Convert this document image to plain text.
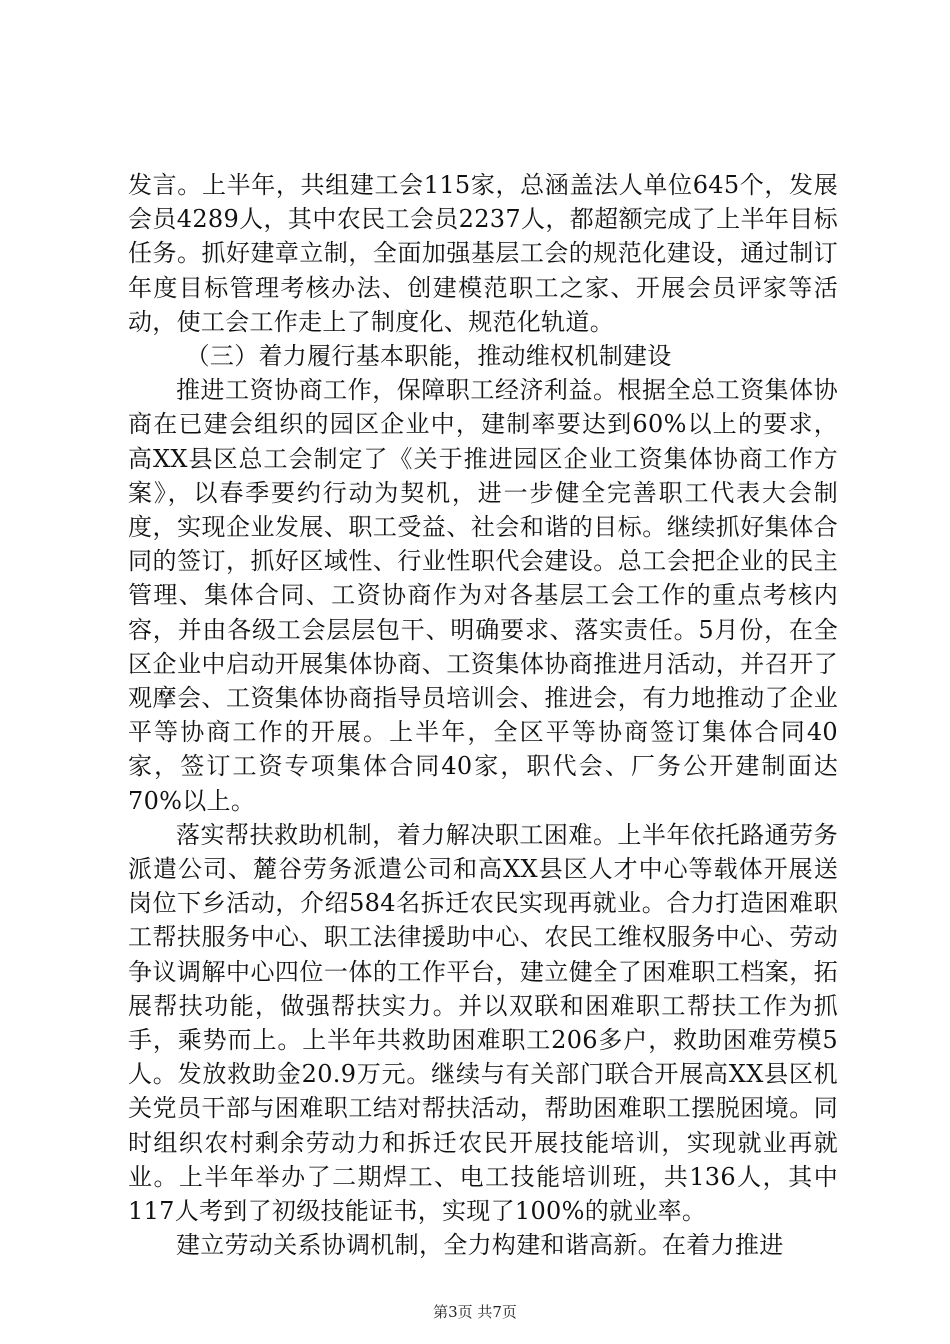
发言。上半年，共组建工会115家，总涵盖法人单位645个，发展会员4289人，其中农民工会员2237人，都超额完成了上半年目标任务。抓好建章立制，全面加强基层工会的规范化建设，通过制订年度目标管理考核办法、创建模范职工之家、开展会员评家等活动，使工会工作走上了制度化、规范化轨道。

（三）着力履行基本职能，推动维权机制建设

推进工资协商工作，保障职工经济利益。根据全总工资集体协商在已建会组织的园区企业中，建制率要达到60%以上的要求，高XX县区总工会制定了《关于推进园区企业工资集体协商工作方案》，以春季要约行动为契机，进一步健全完善职工代表大会制度，实现企业发展、职工受益、社会和谐的目标。继续抓好集体合同的签订，抓好区域性、行业性职代会建设。总工会把企业的民主管理、集体合同、工资协商作为对各基层工会工作的重点考核内容，并由各级工会层层包干、明确要求、落实责任。5月份，在全区企业中启动开展集体协商、工资集体协商推进月活动，并召开了观摩会、工资集体协商指导员培训会、推进会，有力地推动了企业平等协商工作的开展。上半年，全区平等协商签订集体合同40家，签订工资专项集体合同40家，职代会、厂务公开建制面达70%以上。

落实帮扶救助机制，着力解决职工困难。上半年依托路通劳务派遣公司、麓谷劳务派遣公司和高XX县区人才中心等载体开展送岗位下乡活动，介绍584名拆迁农民实现再就业。合力打造困难职工帮扶服务中心、职工法律援助中心、农民工维权服务中心、劳动争议调解中心四位一体的工作平台，建立健全了困难职工档案，拓展帮扶功能，做强帮扶实力。并以双联和困难职工帮扶工作为抓手，乘势而上。上半年共救助困难职工206多户，救助困难劳模5人。发放救助金20.9万元。继续与有关部门联合开展高XX县区机关党员干部与困难职工结对帮扶活动，帮助困难职工摆脱困境。同时组织农村剩余劳动力和拆迁农民开展技能培训，实现就业再就业。上半年举办了二期焊工、电工技能培训班，共136人，其中117人考到了初级技能证书，实现了100%的就业率。

建立劳动关系协调机制，全力构建和谐高新。在着力推进

第3页 共7页
